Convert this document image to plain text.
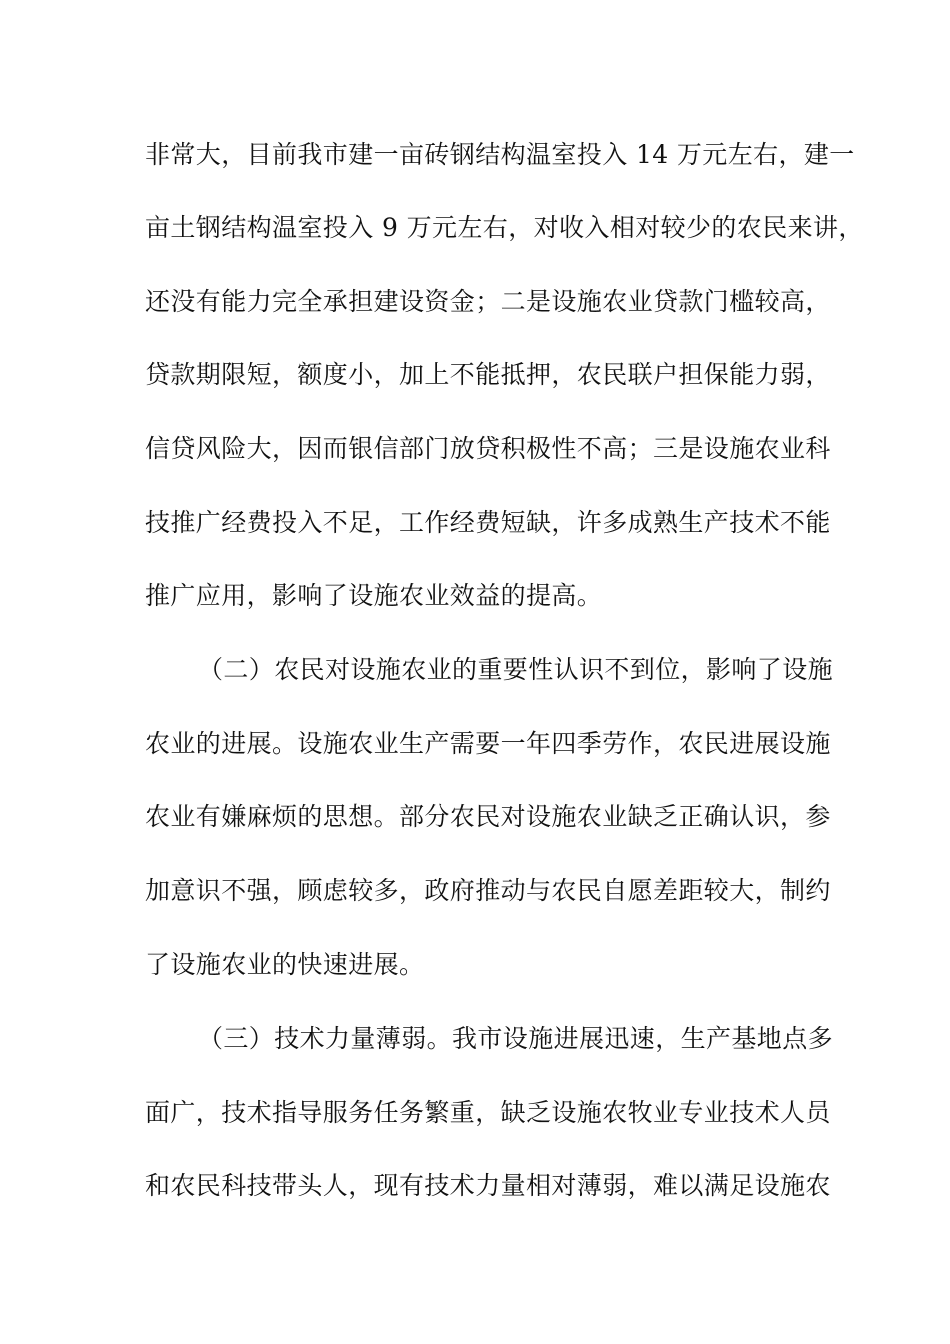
非常大，目前我市建一亩砖钢结构温室投入 14 万元左右，建一
亩土钢结构温室投入 9 万元左右，对收入相对较少的农民来讲，
还没有能力完全承担建设资金；二是设施农业贷款门槛较高，
贷款期限短，额度小，加上不能抵押，农民联户担保能力弱，
信贷风险大，因而银信部门放贷积极性不高；三是设施农业科
技推广经费投入不足，工作经费短缺，许多成熟生产技术不能
推广应用，影响了设施农业效益的提高。
（二）农民对设施农业的重要性认识不到位，影响了设施
农业的进展。设施农业生产需要一年四季劳作，农民进展设施
农业有嫌麻烦的思想。部分农民对设施农业缺乏正确认识，参
加意识不强，顾虑较多，政府推动与农民自愿差距较大，制约
了设施农业的快速进展。
（三）技术力量薄弱。我市设施进展迅速，生产基地点多
面广，技术指导服务任务繁重，缺乏设施农牧业专业技术人员
和农民科技带头人，现有技术力量相对薄弱，难以满足设施农
